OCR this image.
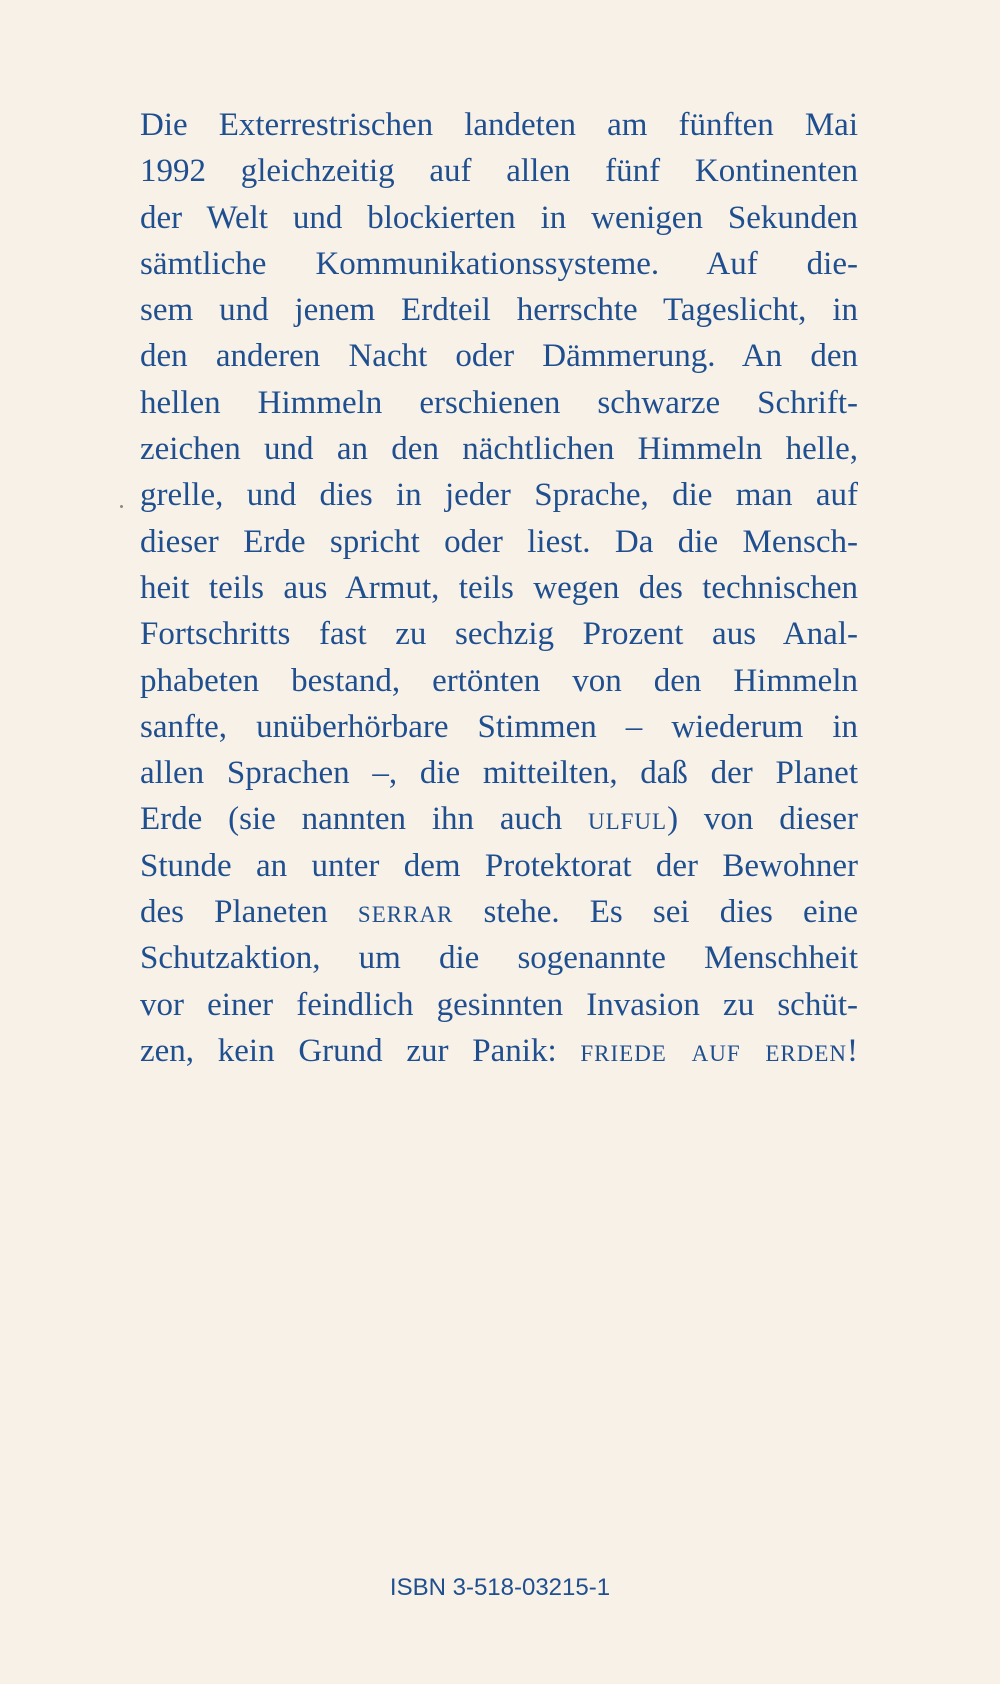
Die Exterrestrischen landeten am fünften Mai
1992 gleichzeitig auf allen fünf Kontinenten
der Welt und blockierten in wenigen Sekunden
sämtliche Kommunikationssysteme. Auf die-
sem und jenem Erdteil herrschte Tageslicht, in
den anderen Nacht oder Dämmerung. An den
hellen Himmeln erschienen schwarze Schrift-
zeichen und an den nächtlichen Himmeln helle,
grelle, und dies in jeder Sprache, die man auf
dieser Erde spricht oder liest. Da die Mensch-
heit teils aus Armut, teils wegen des technischen
Fortschritts fast zu sechzig Prozent aus Anal-
phabeten bestand, ertönten von den Himmeln
sanfte, unüberhörbare Stimmen – wiederum in
allen Sprachen –, die mitteilten, daß der Planet
Erde (sie nannten ihn auch ulful) von dieser
Stunde an unter dem Protektorat der Bewohner
des Planeten serrar stehe. Es sei dies eine
Schutzaktion, um die sogenannte Menschheit
vor einer feindlich gesinnten Invasion zu schüt-
zen, kein Grund zur Panik: friede auf erden!
ISBN 3-518-03215-1
